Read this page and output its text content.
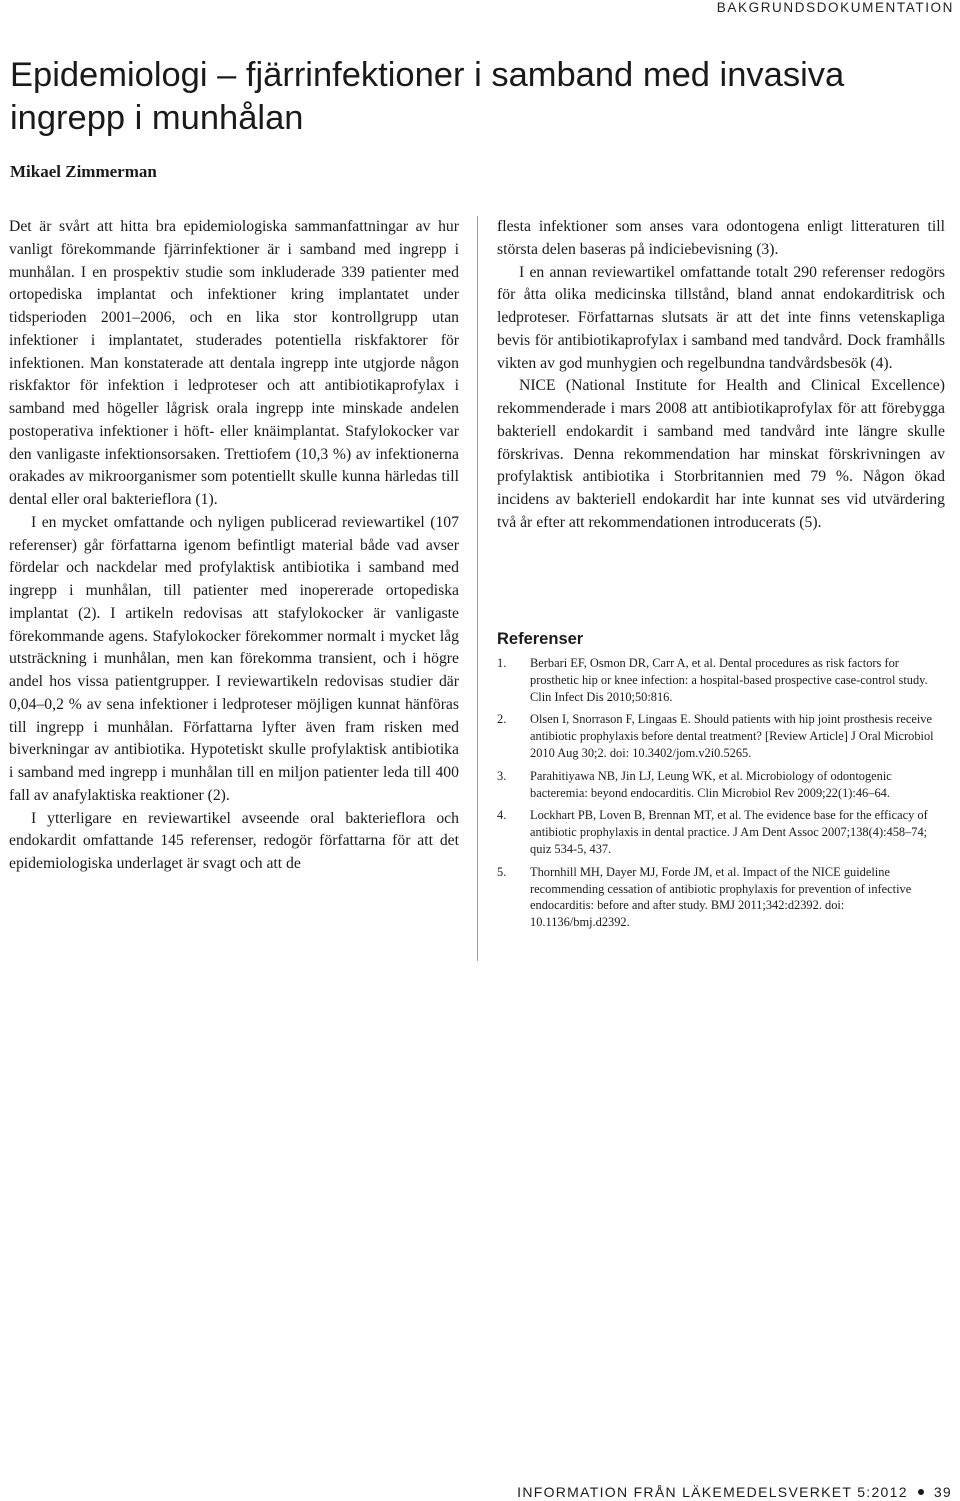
BAKGRUNDSDOKUMENTATION
Epidemiologi – fjärrinfektioner i samband med invasiva ingrepp i munhålan
Mikael Zimmerman

Det är svårt att hitta bra epidemiologiska sammanfattningar av hur vanligt förekommande fjärrinfektioner är i samband med ingrepp i munhålan. I en prospektiv studie som inkluderade 339 patienter med ortopediska implantat och infektioner kring implantatet under tidsperioden 2001–2006, och en lika stor kontrollgrupp utan infektioner i implantatet, studerades potentiella riskfaktorer för infektionen. Man konstaterade att dentala ingrepp inte utgjorde någon riskfaktor för infektion i ledproteser och att antibiotikaprofylax i samband med högeller lågrisk orala ingrepp inte minskade andelen postoperativa infektioner i höft- eller knäimplantat. Stafylokocker var den vanligaste infektionsorsaken. Trettiofem (10,3 %) av infektionerna orakades av mikroorganismer som potentiellt skulle kunna härledas till dental eller oral bakterieflora (1).

I en mycket omfattande och nyligen publicerad reviewartikel (107 referenser) går författarna igenom befintligt material både vad avser fördelar och nackdelar med profylaktisk antibiotika i samband med ingrepp i munhålan, till patienter med inopererade ortopediska implantat (2). I artikeln redovisas att stafylokocker är vanligaste förekommande agens. Stafylokocker förekommer normalt i mycket låg utsträckning i munhålan, men kan förekomma transient, och i högre andel hos vissa patientgrupper. I reviewartikeln redovisas studier där 0,04–0,2 % av sena infektioner i ledproteser möjligen kunnat hänföras till ingrepp i munhålan. Författarna lyfter även fram risken med biverkningar av antibiotika. Hypotetiskt skulle profylaktisk antibiotika i samband med ingrepp i munhålan till en miljon patienter leda till 400 fall av anafylaktiska reaktioner (2).

I ytterligare en reviewartikel avseende oral bakterieflora och endokardit omfattande 145 referenser, redogör författarna för att det epidemiologiska underlaget är svagt och att de

flesta infektioner som anses vara odontogena enligt litteraturen till största delen baseras på indiciebevisning (3).

I en annan reviewartikel omfattande totalt 290 referenser redogörs för åtta olika medicinska tillstånd, bland annat endokarditrisk och ledproteser. Författarnas slutsats är att det inte finns vetenskapliga bevis för antibiotikaprofylax i samband med tandvård. Dock framhålls vikten av god munhygien och regelbundna tandvårdsbesök (4).

NICE (National Institute for Health and Clinical Excellence) rekommenderade i mars 2008 att antibiotikaprofylax för att förebygga bakteriell endokardit i samband med tandvård inte längre skulle förskrivas. Denna rekommendation har minskat förskrivningen av profylaktisk antibiotika i Storbritannien med 79 %. Någon ökad incidens av bakteriell endokardit har inte kunnat ses vid utvärdering två år efter att rekommendationen introducerats (5).

Referenser
1. Berbari EF, Osmon DR, Carr A, et al. Dental procedures as risk factors for prosthetic hip or knee infection: a hospital-based prospective case-control study. Clin Infect Dis 2010;50:816.
2. Olsen I, Snorrason F, Lingaas E. Should patients with hip joint prosthesis receive antibiotic prophylaxis before dental treatment? [Review Article] J Oral Microbiol 2010 Aug 30;2. doi: 10.3402/jom.v2i0.5265.
3. Parahitiyawa NB, Jin LJ, Leung WK, et al. Microbiology of odontogenic bacteremia: beyond endocarditis. Clin Microbiol Rev 2009;22(1):46–64.
4. Lockhart PB, Loven B, Brennan MT, et al. The evidence base for the efficacy of antibiotic prophylaxis in dental practice. J Am Dent Assoc 2007;138(4):458–74; quiz 534-5, 437.
5. Thornhill MH, Dayer MJ, Forde JM, et al. Impact of the NICE guideline recommending cessation of antibiotic prophylaxis for prevention of infective endocarditis: before and after study. BMJ 2011;342:d2392. doi: 10.1136/bmj.d2392.
INFORMATION FRÅN LÄKEMEDELSVERKET 5:2012 39
